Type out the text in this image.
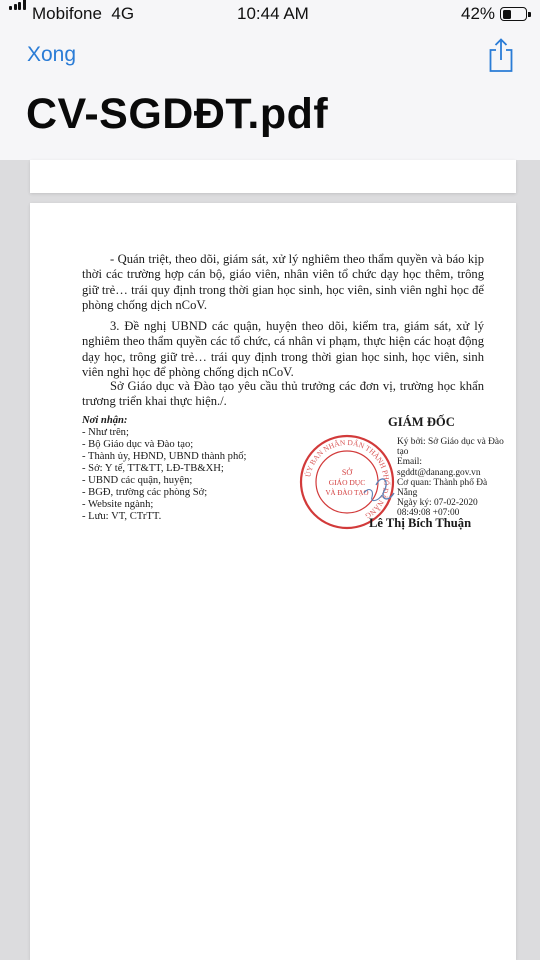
Mobifone 4G	10:44 AM	42%
Xong
CV-SGDĐT.pdf

- Quán triệt, theo dõi, giám sát, xử lý nghiêm theo thẩm quyền và báo kịp thời các trường hợp cán bộ, giáo viên, nhân viên tổ chức dạy học thêm, trông giữ trẻ… trái quy định trong thời gian học sinh, học viên, sinh viên nghỉ học để phòng chống dịch nCoV.

3. Đề nghị UBND các quận, huyện theo dõi, kiểm tra, giám sát, xử lý nghiêm theo thẩm quyền các tổ chức, cá nhân vi phạm, thực hiện các hoạt động dạy học, trông giữ trẻ… trái quy định trong thời gian học sinh, học viên, sinh viên nghỉ học để phòng chống dịch nCoV.

Sở Giáo dục và Đào tạo yêu cầu thủ trưởng các đơn vị, trường học khẩn trương triển khai thực hiện./.

Nơi nhận:
- Như trên;
- Bộ Giáo dục và Đào tạo;
- Thành ủy, HĐND, UBND thành phố;
- Sở: Y tế, TT&TT, LĐ-TB&XH;
- UBND các quận, huyện;
- BGĐ, trường các phòng Sở;
- Website ngành;
- Lưu: VT, CTrTT.
GIÁM ĐỐC
ỦY BAN NHÂN DÂN THÀNH PHỐ ĐÀ NẴNG
SỞ
GIÁO DỤC
VÀ ĐÀO TẠO
Ký bởi: Sở Giáo dục và Đào tạo
Email:
sgddt@danang.gov.vn
Cơ quan: Thành phố Đà Nẵng
Ngày ký: 07-02-2020
08:49:08 +07:00
Lê Thị Bích Thuận
